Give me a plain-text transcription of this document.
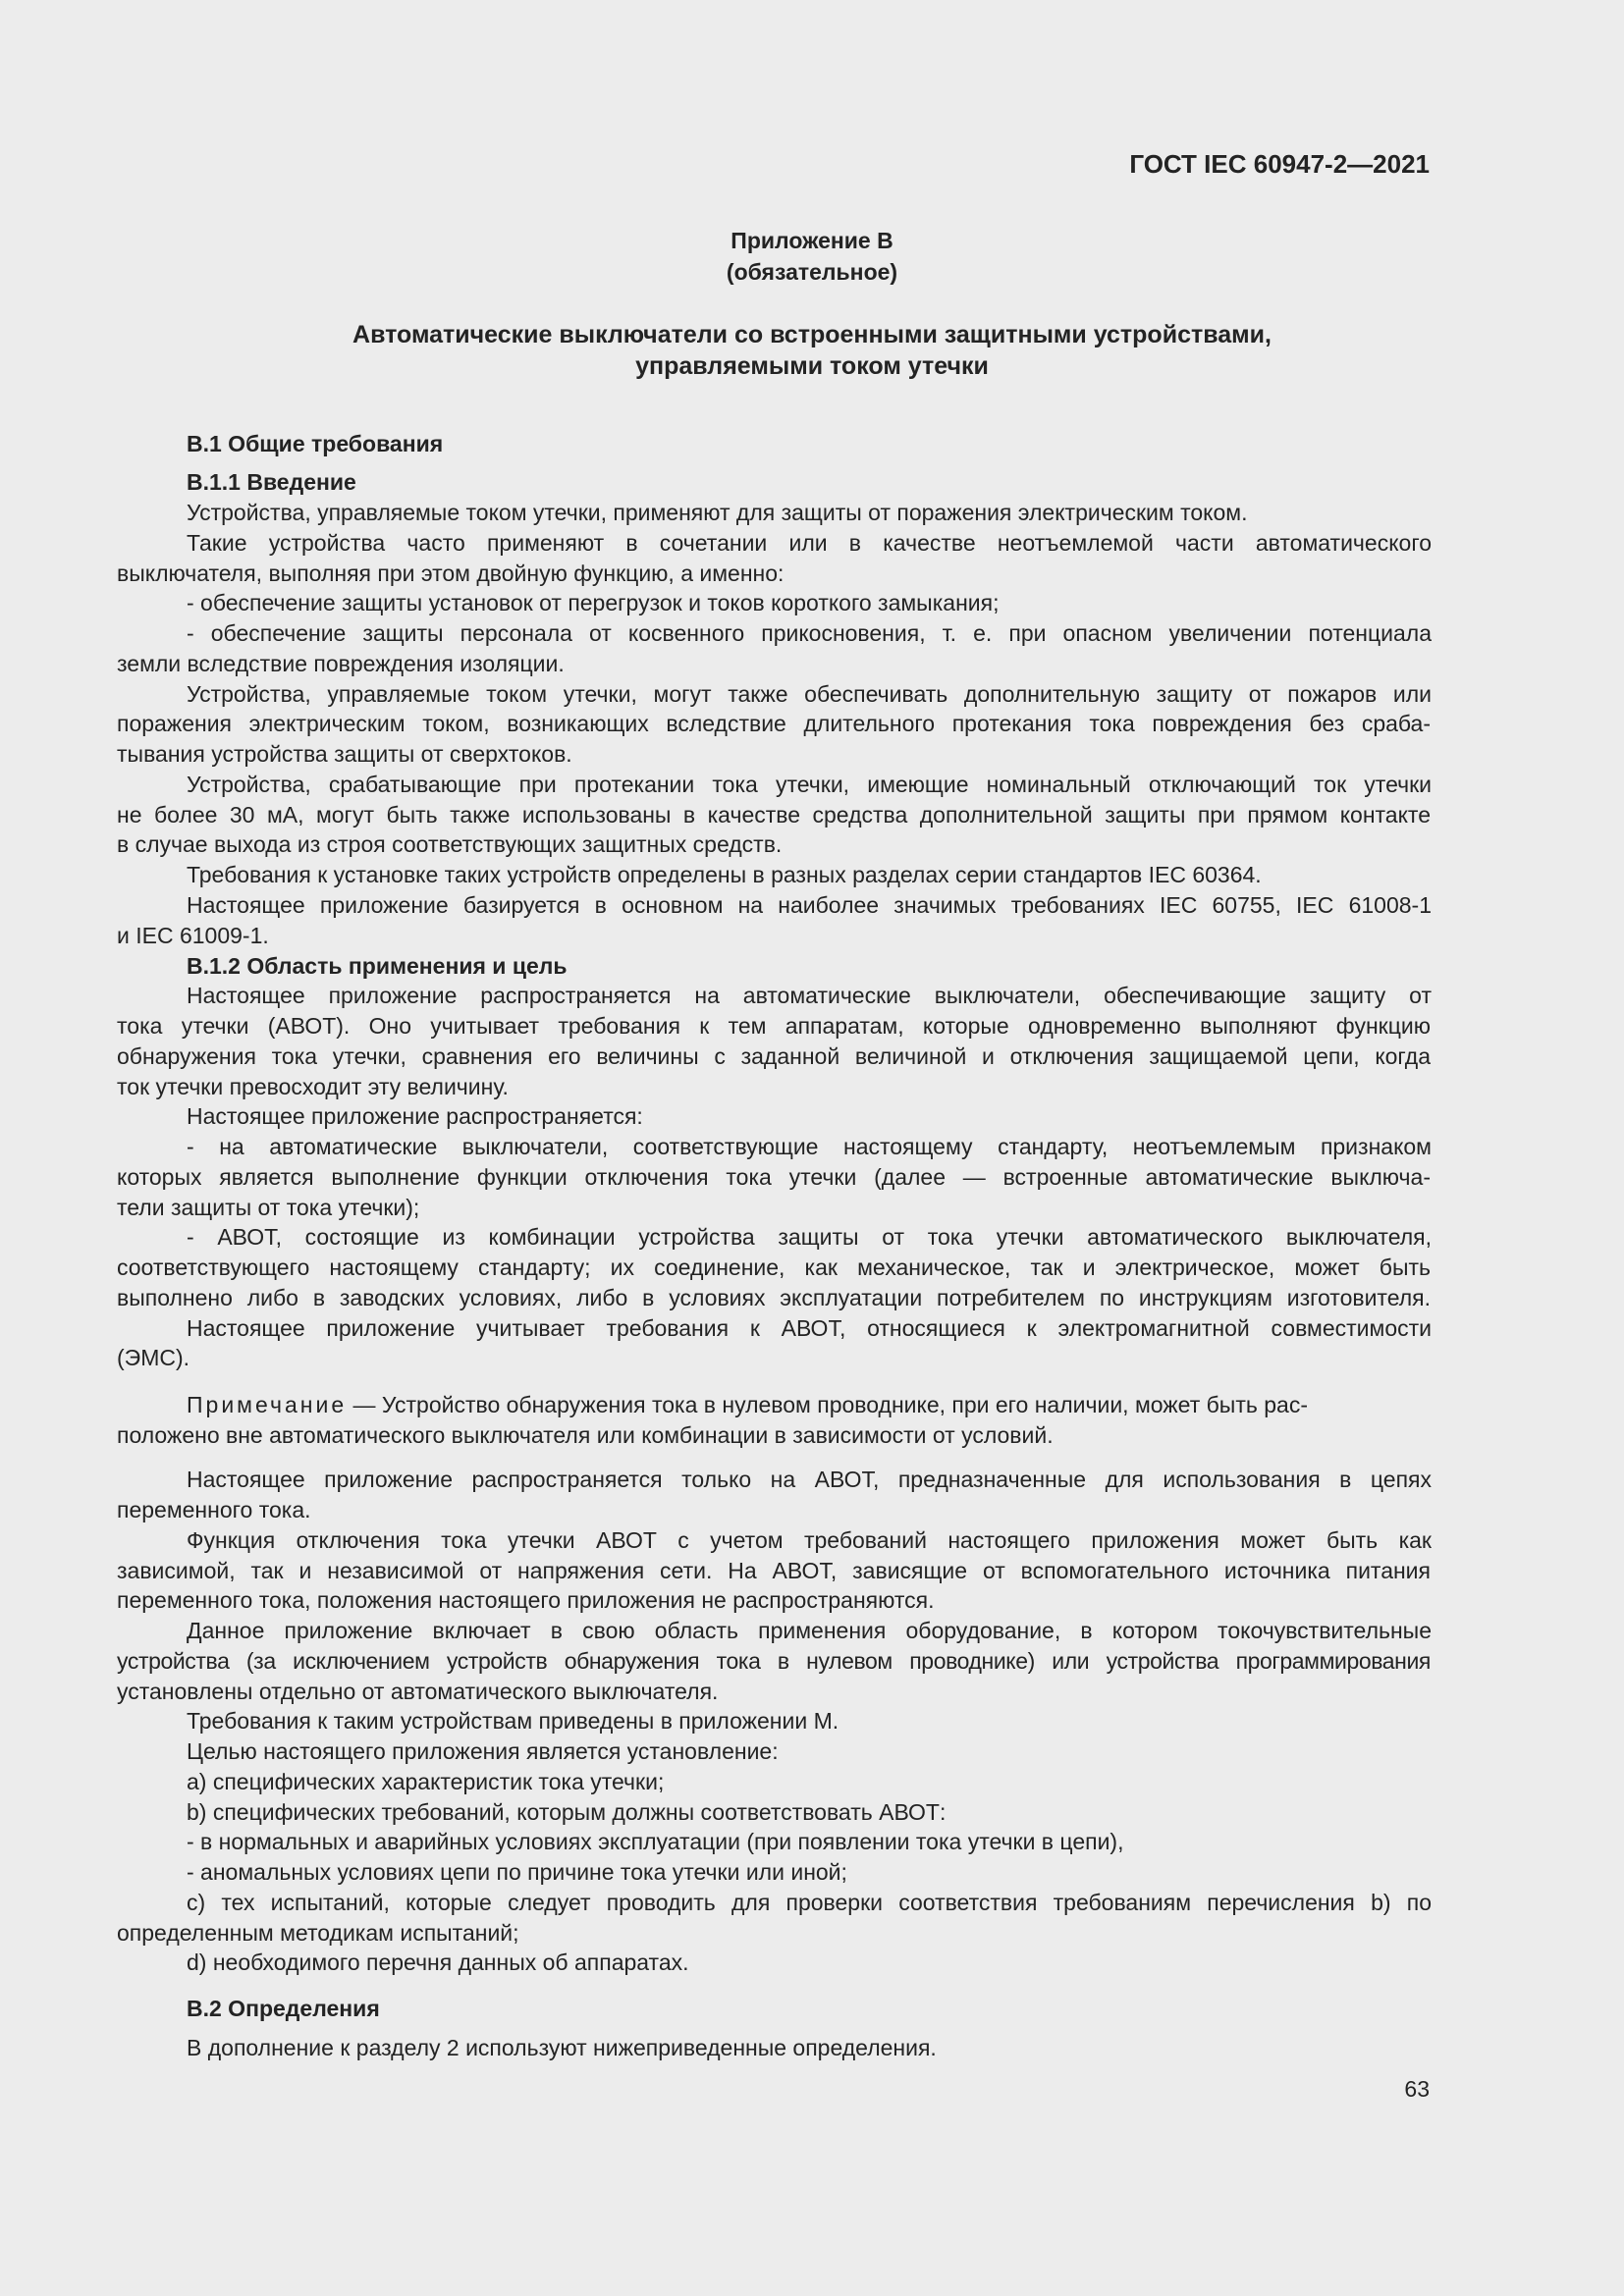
ГОСТ IEC 60947-2—2021
Приложение В
(обязательное)
Автоматические выключатели со встроенными защитными устройствами,
управляемыми током утечки
В.1 Общие требования
В.1.1 Введение
Устройства, управляемые током утечки, применяют для защиты от поражения электрическим током.
Такие устройства часто применяют в сочетании или в качестве неотъемлемой части автоматического
выключателя, выполняя при этом двойную функцию, а именно:
- обеспечение защиты установок от перегрузок и токов короткого замыкания;
- обеспечение защиты персонала от косвенного прикосновения, т. е. при опасном увеличении потенциала
земли вследствие повреждения изоляции.
Устройства, управляемые током утечки, могут также обеспечивать дополнительную защиту от пожаров или
поражения электрическим током, возникающих вследствие длительного протекания тока повреждения без сраба-
тывания устройства защиты от сверхтоков.
Устройства, срабатывающие при протекании тока утечки, имеющие номинальный отключающий ток утечки
не более 30 мА, могут быть также использованы в качестве средства дополнительной защиты при прямом контакте
в случае выхода из строя соответствующих защитных средств.
Требования к установке таких устройств определены в разных разделах серии стандартов IEC 60364.
Настоящее приложение базируется в основном на наиболее значимых требованиях IEC 60755, IEC 61008-1
и IEC 61009-1.
В.1.2 Область применения и цель
Настоящее приложение распространяется на автоматические выключатели, обеспечивающие защиту от
тока утечки (АВОТ). Оно учитывает требования к тем аппаратам, которые одновременно выполняют функцию
обнаружения тока утечки, сравнения его величины с заданной величиной и отключения защищаемой цепи, когда
ток утечки превосходит эту величину.
Настоящее приложение распространяется:
- на автоматические выключатели, соответствующие настоящему стандарту, неотъемлемым признаком
которых является выполнение функции отключения тока утечки (далее — встроенные автоматические выключа-
тели защиты от тока утечки);
- АВОТ, состоящие из комбинации устройства защиты от тока утечки автоматического выключателя,
соответствующего настоящему стандарту; их соединение, как механическое, так и электрическое, может быть
выполнено либо в заводских условиях, либо в условиях эксплуатации потребителем по инструкциям изготовителя.
Настоящее приложение учитывает требования к АВОТ, относящиеся к электромагнитной совместимости
(ЭМС).
Примечание — Устройство обнаружения тока в нулевом проводнике, при его наличии, может быть рас-
положено вне автоматического выключателя или комбинации в зависимости от условий.
Настоящее приложение распространяется только на АВОТ, предназначенные для использования в цепях
переменного тока.
Функция отключения тока утечки АВОТ с учетом требований настоящего приложения может быть как
зависимой, так и независимой от напряжения сети. На АВОТ, зависящие от вспомогательного источника питания
переменного тока, положения настоящего приложения не распространяются.
Данное приложение включает в свою область применения оборудование, в котором токочувствительные
устройства (за исключением устройств обнаружения тока в нулевом проводнике) или устройства программирования
установлены отдельно от автоматического выключателя.
Требования к таким устройствам приведены в приложении М.
Целью настоящего приложения является установление:
a) специфических характеристик тока утечки;
b) специфических требований, которым должны соответствовать АВОТ:
- в нормальных и аварийных условиях эксплуатации (при появлении тока утечки в цепи),
- аномальных условиях цепи по причине тока утечки или иной;
c) тех испытаний, которые следует проводить для проверки соответствия требованиям перечисления b) по
определенным методикам испытаний;
d) необходимого перечня данных об аппаратах.
В.2 Определения
В дополнение к разделу 2 используют нижеприведенные определения.
63
